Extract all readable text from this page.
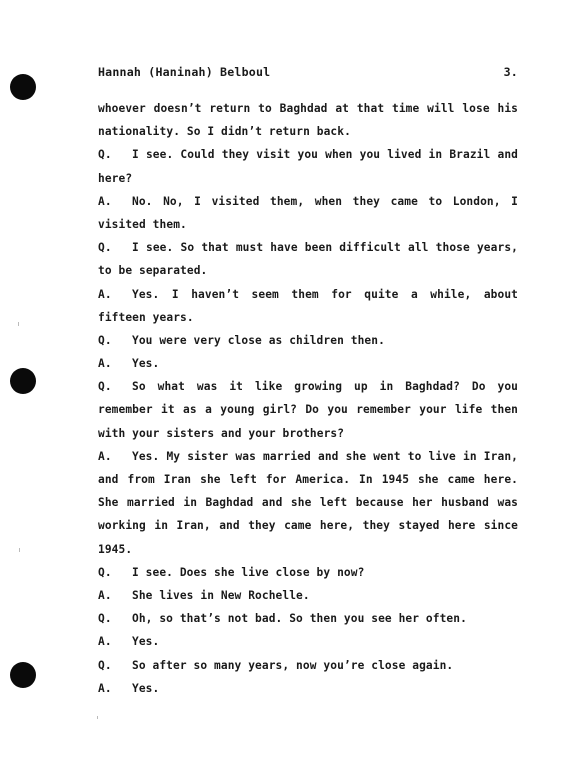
Hannah (Haninah) Belboul	3.
whoever doesn’t return to Baghdad at that time will lose his
nationality. So I didn’t return back.
Q. I see. Could they visit you when you lived in Brazil and
here?
A. No. No, I visited them, when they came to London, I
visited them.
Q. I see. So that must have been difficult all those years,
to be separated.
A. Yes. I haven’t seem them for quite a while, about
fifteen years.
Q. You were very close as children then.
A. Yes.
Q. So what was it like growing up in Baghdad? Do you
remember it as a young girl? Do you remember your life then
with your sisters and your brothers?
A. Yes. My sister was married and she went to live in Iran,
and from Iran she left for America. In 1945 she came here.
She married in Baghdad and she left because her husband was
working in Iran, and they came here, they stayed here since
1945.
Q. I see. Does she live close by now?
A. She lives in New Rochelle.
Q. Oh, so that’s not bad. So then you see her often.
A. Yes.
Q. So after so many years, now you’re close again.
A. Yes.
